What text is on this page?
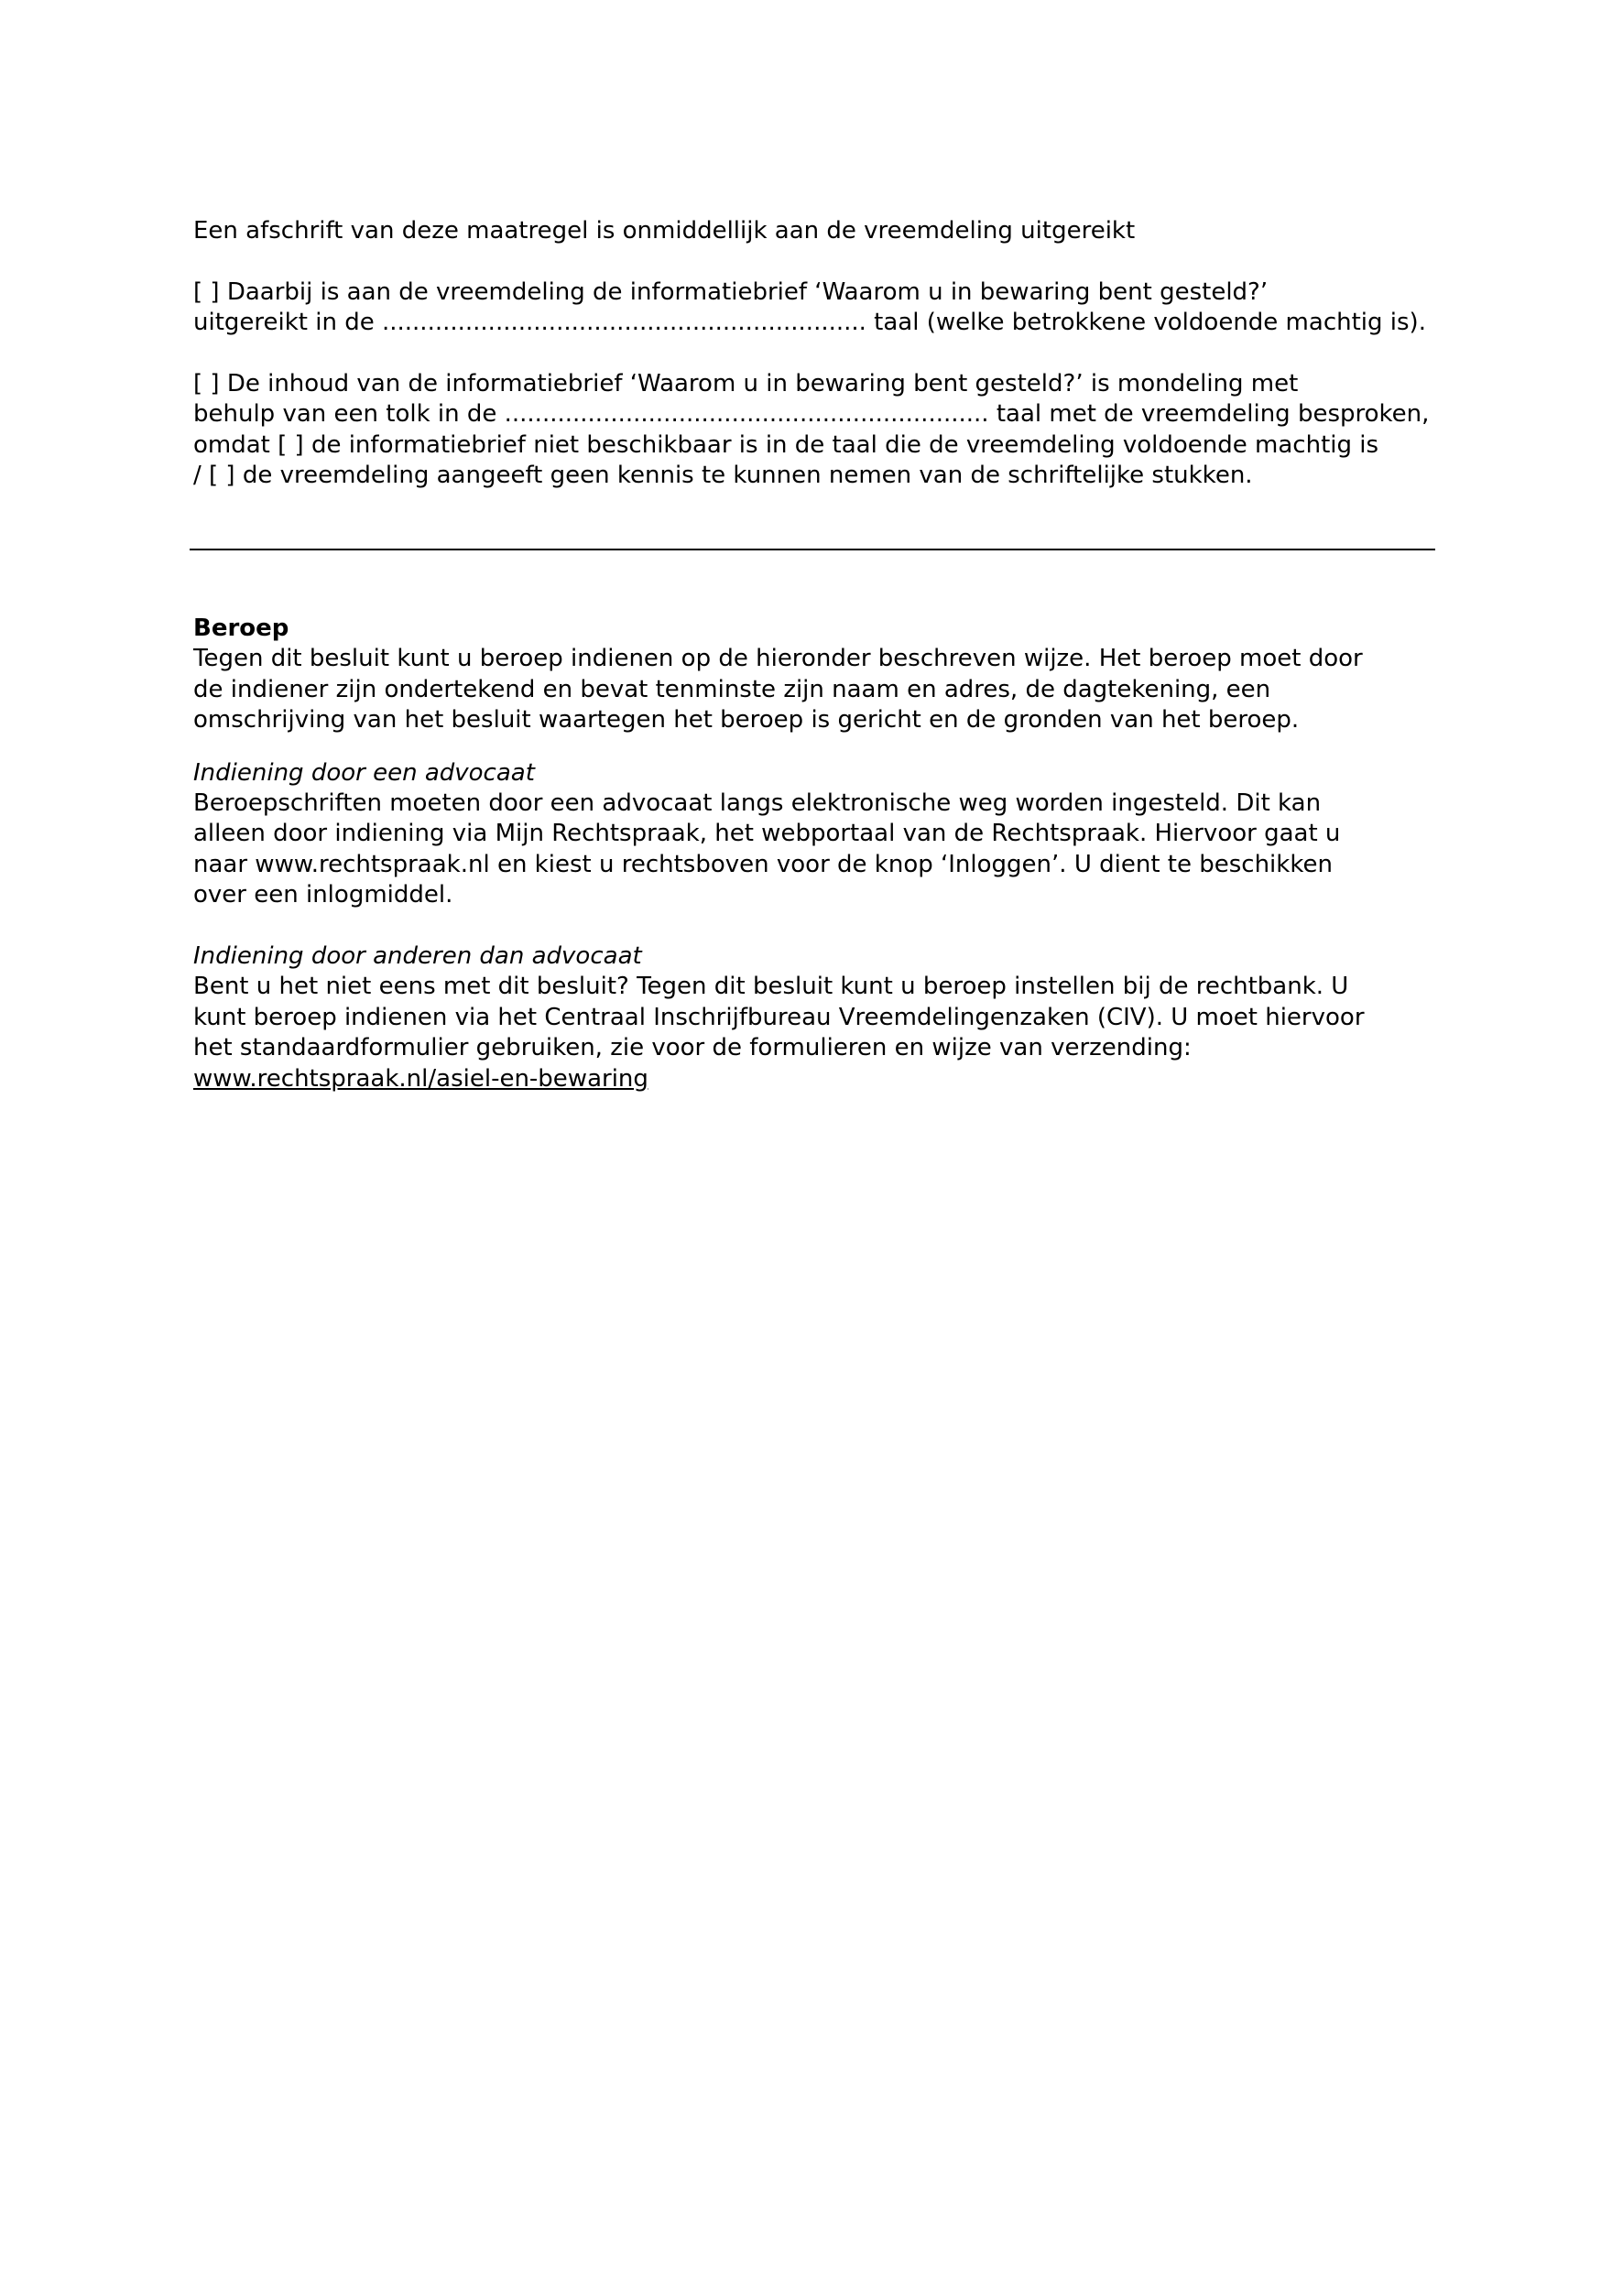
Een afschrift van deze maatregel is onmiddellijk aan de vreemdeling uitgereikt
[ ] Daarbij is aan de vreemdeling de informatiebrief ‘Waarom u in bewaring bent gesteld?’
uitgereikt in de ................................................................ taal (welke betrokkene voldoende machtig is).
[ ] De inhoud van de informatiebrief ‘Waarom u in bewaring bent gesteld?’ is mondeling met
behulp van een tolk in de ................................................................ taal met de vreemdeling besproken,
omdat [ ] de informatiebrief niet beschikbaar is in de taal die de vreemdeling voldoende machtig is
/ [ ] de vreemdeling aangeeft geen kennis te kunnen nemen van de schriftelijke stukken.
Beroep
Tegen dit besluit kunt u beroep indienen op de hieronder beschreven wijze. Het beroep moet door
de indiener zijn ondertekend en bevat tenminste zijn naam en adres, de dagtekening, een
omschrijving van het besluit waartegen het beroep is gericht en de gronden van het beroep.
Indiening door een advocaat
Beroepschriften moeten door een advocaat langs elektronische weg worden ingesteld. Dit kan
alleen door indiening via Mijn Rechtspraak, het webportaal van de Rechtspraak. Hiervoor gaat u
naar www.rechtspraak.nl en kiest u rechtsboven voor de knop ‘Inloggen’. U dient te beschikken
over een inlogmiddel.
Indiening door anderen dan advocaat
Bent u het niet eens met dit besluit? Tegen dit besluit kunt u beroep instellen bij de rechtbank. U
kunt beroep indienen via het Centraal Inschrijfbureau Vreemdelingenzaken (CIV). U moet hiervoor
het standaardformulier gebruiken, zie voor de formulieren en wijze van verzending:
www.rechtspraak.nl/asiel-en-bewaring
